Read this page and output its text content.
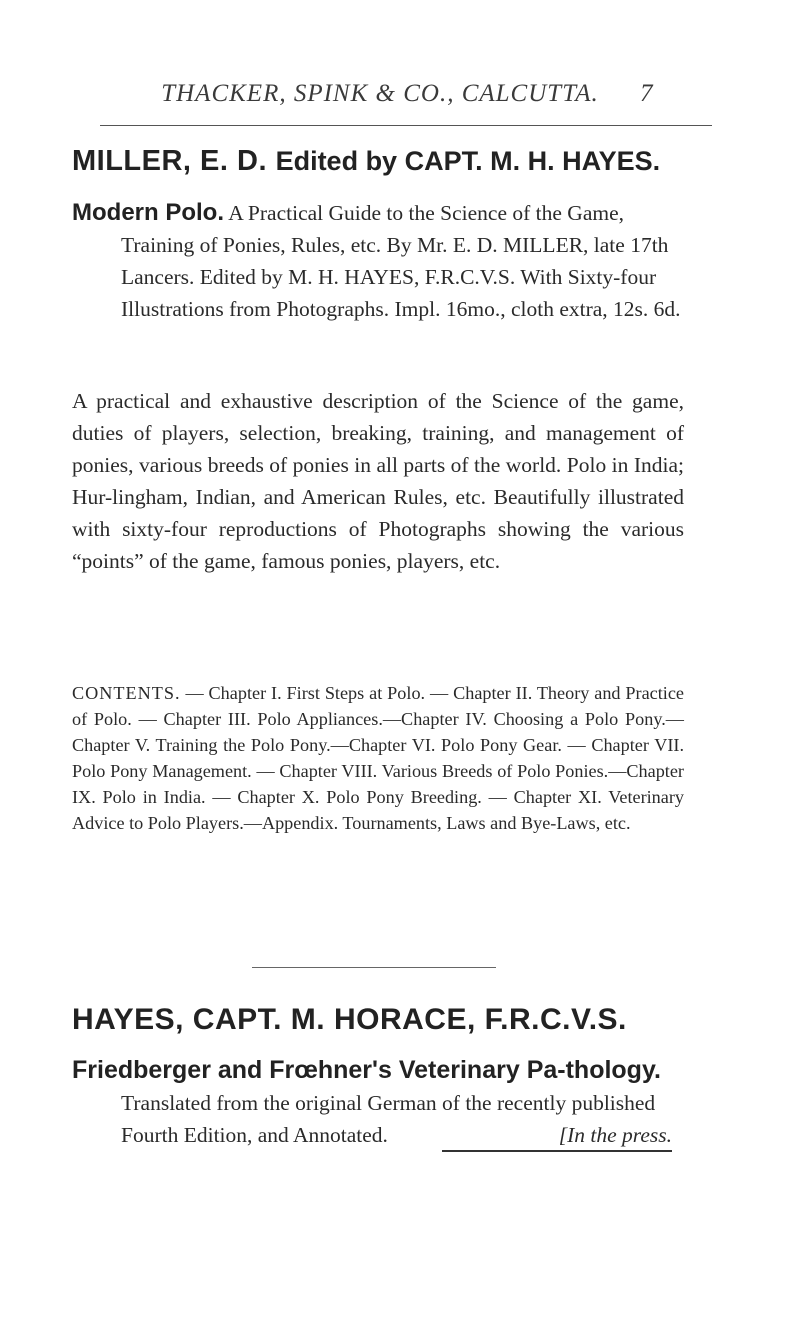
THACKER, SPINK & CO., CALCUTTA.	7
MILLER, E. D. Edited by CAPT. M. H. HAYES.
Modern Polo. A Practical Guide to the Science of the Game, Training of Ponies, Rules, etc. By Mr. E. D. MILLER, late 17th Lancers. Edited by M. H. HAYES, F.R.C.V.S. With Sixty-four Illustrations from Photographs. Impl. 16mo., cloth extra, 12s. 6d.
A practical and exhaustive description of the Science of the game, duties of players, selection, breaking, training, and management of ponies, various breeds of ponies in all parts of the world. Polo in India; Hur-lingham, Indian, and American Rules, etc. Beautifully illustrated with sixty-four reproductions of Photographs showing the various “points” of the game, famous ponies, players, etc.
CONTENTS. — Chapter I. First Steps at Polo. — Chapter II. Theory and Practice of Polo. — Chapter III. Polo Appliances.—Chapter IV. Choosing a Polo Pony.— Chapter V. Training the Polo Pony.—Chapter VI. Polo Pony Gear. — Chapter VII. Polo Pony Management. — Chapter VIII. Various Breeds of Polo Ponies.—Chapter IX. Polo in India. — Chapter X. Polo Pony Breeding. — Chapter XI. Veterinary Advice to Polo Players.—Appendix. Tournaments, Laws and Bye-Laws, etc.
HAYES, CAPT. M. HORACE, F.R.C.V.S.
Friedberger and Frœhner's Veterinary Pa-thology. Translated from the original German of the recently published Fourth Edition, and Annotated.	[In the press.
